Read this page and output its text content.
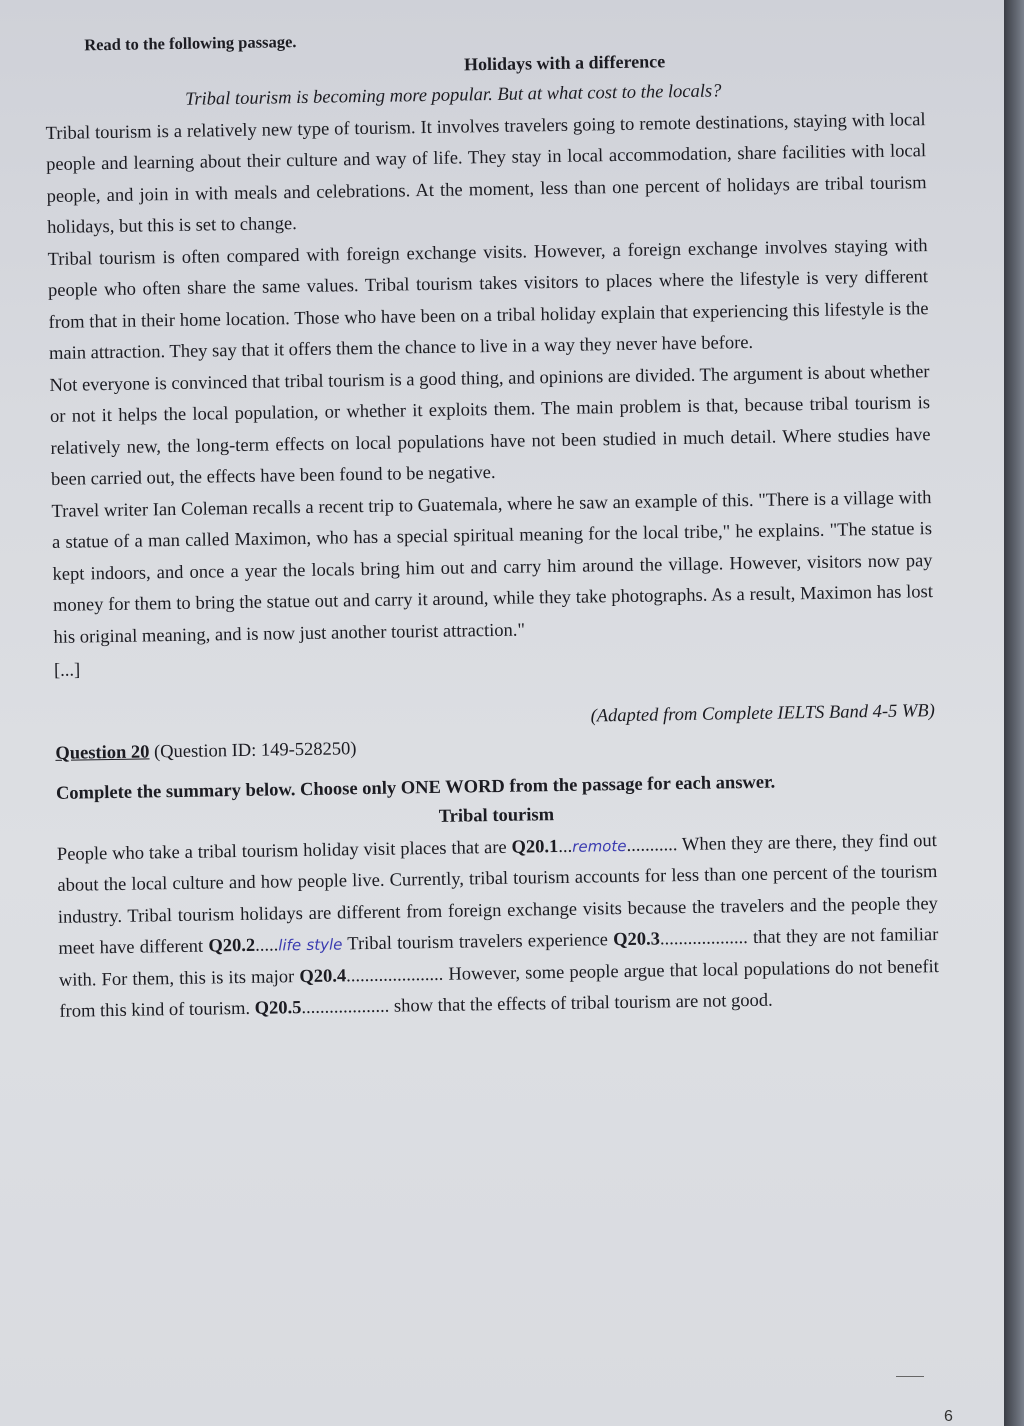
Read to the following passage.

Holidays with a difference

Tribal tourism is becoming more popular. But at what cost to the locals?

Tribal tourism is a relatively new type of tourism. It involves travelers going to remote destinations, staying with local people and learning about their culture and way of life. They stay in local accommodation, share facilities with local people, and join in with meals and celebrations. At the moment, less than one percent of holidays are tribal tourism holidays, but this is set to change.

Tribal tourism is often compared with foreign exchange visits. However, a foreign exchange involves staying with people who often share the same values. Tribal tourism takes visitors to places where the lifestyle is very different from that in their home location. Those who have been on a tribal holiday explain that experiencing this lifestyle is the main attraction. They say that it offers them the chance to live in a way they never have before.

Not everyone is convinced that tribal tourism is a good thing, and opinions are divided. The argument is about whether or not it helps the local population, or whether it exploits them. The main problem is that, because tribal tourism is relatively new, the long-term effects on local populations have not been studied in much detail. Where studies have been carried out, the effects have been found to be negative.

Travel writer Ian Coleman recalls a recent trip to Guatemala, where he saw an example of this. "There is a village with a statue of a man called Maximon, who has a special spiritual meaning for the local tribe," he explains. "The statue is kept indoors, and once a year the locals bring him out and carry him around the village. However, visitors now pay money for them to bring the statue out and carry it around, while they take photographs. As a result, Maximon has lost his original meaning, and is now just another tourist attraction."

[...]

(Adapted from Complete IELTS Band 4-5 WB)

Question 20 (Question ID: 149-528250)

Complete the summary below. Choose only ONE WORD from the passage for each answer.

Tribal tourism

People who take a tribal tourism holiday visit places that are Q20.1...remote........... When they are there, they find out about the local culture and how people live. Currently, tribal tourism accounts for less than one percent of the tourism industry. Tribal tourism holidays are different from foreign exchange visits because the travelers and the people they meet have different Q20.2.....life style Tribal tourism travelers experience Q20.3................... that they are not familiar with. For them, this is its major Q20.4..................... However, some people argue that local populations do not benefit from this kind of tourism. Q20.5................... show that the effects of tribal tourism are not good.

6
